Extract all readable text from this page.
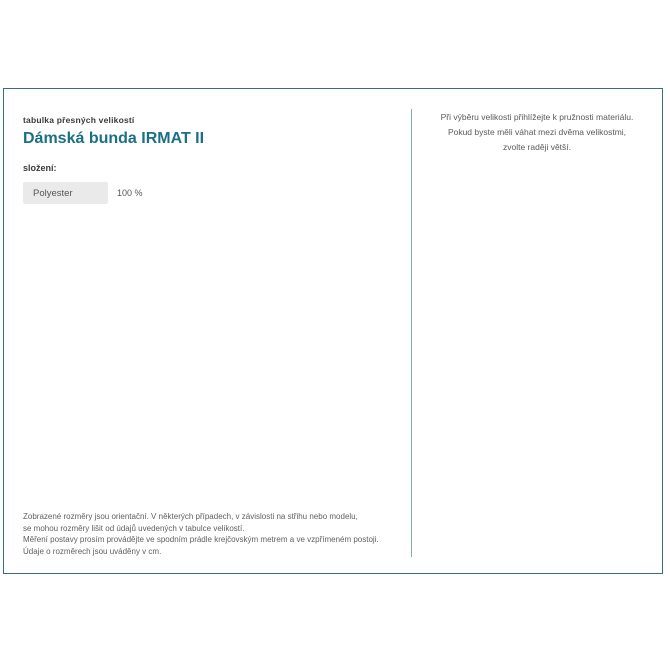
tabulka přesných velikostí
Dámská bunda IRMAT II
složení:
Polyester	100 %
Zobrazené rozměry jsou orientační. V některých případech, v závislosti na střihu nebo modelu,
se mohou rozměry lišit od údajů uvedených v tabulce velikostí.
Měření postavy prosím provádějte ve spodním prádle krejčovským metrem a ve vzpřímeném postoji.
Údaje o rozměrech jsou uváděny v cm.
Při výběru velikosti přihlížejte k pružnosti materiálu.
Pokud byste měli váhat mezi dvěma velikostmi,
zvolte raději větší.
